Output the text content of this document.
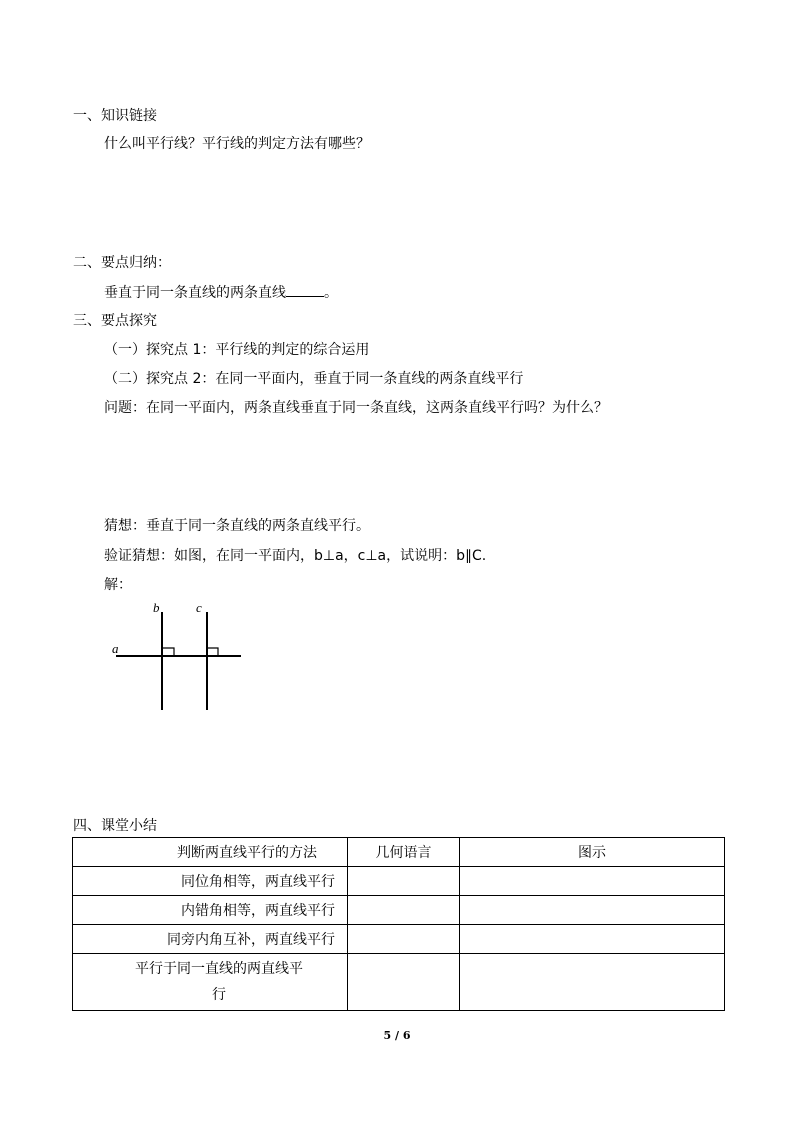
一、知识链接
什么叫平行线？平行线的判定方法有哪些？
二、要点归纳：
垂直于同一条直线的两条直线	。
三、要点探究
（一）探究点 1：平行线的判定的综合运用
（二）探究点 2：在同一平面内，垂直于同一条直线的两条直线平行
问题：在同一平面内，两条直线垂直于同一条直线，这两条直线平行吗？为什么？
猜想：垂直于同一条直线的两条直线平行。
验证猜想：如图，在同一平面内，b⊥a，c⊥a，试说明：b∥C.
解：
a
b	c
四、课堂小结
判断两直线平行的方法	几何语言	图示
同位角相等，两直线平行		
内错角相等，两直线平行		
同旁内角互补，两直线平行		

平行于同一直线的两直线平
行		

5 / 6
